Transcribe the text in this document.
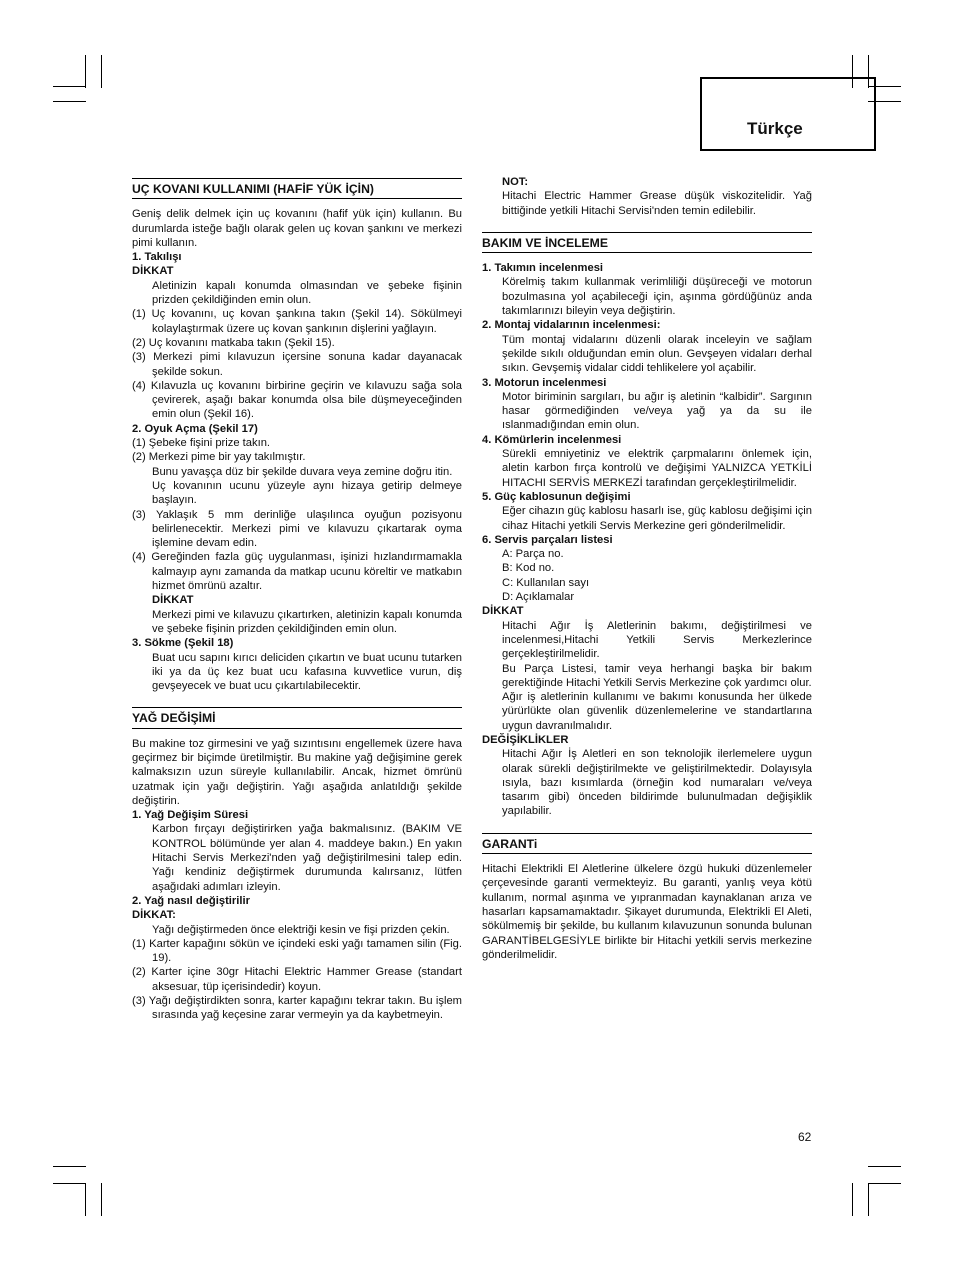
Türkçe
UÇ KOVANI KULLANIMI (HAFİF YÜK İÇİN)
Geniş delik delmek için uç kovanını (hafif yük için) kullanın. Bu durumlarda isteğe bağlı olarak gelen uç kovan şankını ve merkezi pimi kullanın.
1. Takılışı
DİKKAT
Aletinizin kapalı konumda olmasından ve şebeke fişinin prizden çekildiğinden emin olun.
(1) Uç kovanını, uç kovan şankına takın (Şekil 14). Sökülmeyi kolaylaştırmak üzere uç kovan şankının dişlerini yağlayın.
(2) Uç kovanını matkaba takın (Şekil 15).
(3) Merkezi pimi kılavuzun içersine sonuna kadar dayanacak şekilde sokun.
(4) Kılavuzla uç kovanını birbirine geçirin ve kılavuzu sağa sola çevirerek, aşağı bakar konumda olsa bile düşmeyeceğinden emin olun (Şekil 16).
2. Oyuk Açma (Şekil 17)
(1) Şebeke fişini prize takın.
(2) Merkezi pime bir yay takılmıştır.
Bunu yavaşça düz bir şekilde duvara veya zemine doğru itin.
Uç kovanının ucunu yüzeyle aynı hizaya getirip delmeye başlayın.
(3) Yaklaşık 5 mm derinliğe ulaşılınca oyuğun pozisyonu belirlenecektir. Merkezi pimi ve kılavuzu çıkartarak oyma işlemine devam edin.
(4) Gereğinden fazla güç uygulanması, işinizi hızlandırmamakla kalmayıp aynı zamanda da matkap ucunu köreltir ve matkabın hizmet ömrünü azaltır.
DİKKAT
Merkezi pimi ve kılavuzu çıkartırken, aletinizin kapalı konumda ve şebeke fişinin prizden çekildiğinden emin olun.
3. Sökme (Şekil 18)
Buat ucu sapını kırıcı deliciden çıkartın ve buat ucunu tutarken iki ya da üç kez buat ucu kafasına kuvvetlice vurun, diş gevşeyecek ve buat ucu çıkartılabilecektir.
YAĞ DEĞİŞİMİ
Bu makine toz girmesini ve yağ sızıntısını engellemek üzere hava geçirmez bir biçimde üretilmiştir. Bu makine yağ değişimine gerek kalmaksızın uzun süreyle kullanılabilir. Ancak, hizmet ömrünü uzatmak için yağı değiştirin. Yağı aşağıda anlatıldığı şekilde değiştirin.
1. Yağ Değişim Süresi
Karbon fırçayı değiştirirken yağa bakmalısınız. (BAKIM VE KONTROL bölümünde yer alan 4. maddeye bakın.) En yakın Hitachi Servis Merkezi'nden yağ değiştirilmesini talep edin. Yağı kendiniz değiştirmek durumunda kalırsanız, lütfen aşağıdaki adımları izleyin.
2. Yağ nasıl değiştirilir
DİKKAT:
Yağı değiştirmeden önce elektriği kesin ve fişi prizden çekin.
(1) Karter kapağını sökün ve içindeki eski yağı tamamen silin (Fig. 19).
(2) Karter içine 30gr Hitachi Elektric Hammer Grease (standart aksesuar, tüp içerisindedir) koyun.
(3) Yağı değiştirdikten sonra, karter kapağını tekrar takın. Bu işlem sırasında yağ keçesine zarar vermeyin ya da kaybetmeyin.
NOT:
Hitachi Electric Hammer Grease düşük viskozitelidir. Yağ bittiğinde yetkili Hitachi Servisi'nden temin edilebilir.
BAKIM VE İNCELEME
1. Takımın incelenmesi
Körelmiş takım kullanmak verimliliği düşüreceği ve motorun bozulmasına yol açabileceği için, aşınma gördüğünüz anda takımlarınızı bileyin veya değiştirin.
2. Montaj vidalarının incelenmesi:
Tüm montaj vidalarını düzenli olarak inceleyin ve sağlam şekilde sıkılı olduğundan emin olun. Gevşeyen vidaları derhal sıkın. Gevşemiş vidalar ciddi tehlikelere yol açabilir.
3. Motorun incelenmesi
Motor biriminin sargıları, bu ağır iş aletinin “kalbidir”. Sargının hasar görmediğinden ve/veya yağ ya da su ile ıslanmadığından emin olun.
4. Kömürlerin incelenmesi
Sürekli emniyetiniz ve elektrik çarpmalarını önlemek için, aletin karbon fırça kontrolü ve değişimi YALNIZCA YETKİLİ HITACHI SERVİS MERKEZİ tarafından gerçekleştirilmelidir.
5. Güç kablosunun değişimi
Eğer cihazın güç kablosu hasarlı ise, güç kablosu değişimi için cihaz Hitachi yetkili Servis Merkezine geri gönderilmelidir.
6. Servis parçaları listesi
A: Parça no.
B: Kod no.
C: Kullanılan sayı
D: Açıklamalar
DİKKAT
Hitachi Ağır İş Aletlerinin bakımı, değiştirilmesi ve incelenmesi,Hitachi Yetkili Servis Merkezlerince gerçekleştirilmelidir.
Bu Parça Listesi, tamir veya herhangi başka bir bakım gerektiğinde Hitachi Yetkili Servis Merkezine çok yardımcı olur.
Ağır iş aletlerinin kullanımı ve bakımı konusunda her ülkede yürürlükte olan güvenlik düzenlemelerine ve standartlarına uygun davranılmalıdır.
DEĞİŞİKLİKLER
Hitachi Ağır İş Aletleri en son teknolojik ilerlemelere uygun olarak sürekli değiştirilmekte ve geliştirilmektedir. Dolayısyla ısıyla, bazı kısımlarda (örneğin kod numaraları ve/veya tasarım gibi) önceden bildirimde bulunulmadan değişiklik yapılabilir.
GARANTi
Hitachi Elektrikli El Aletlerine ülkelere özgü hukuki düzenlemeler çerçevesinde garanti vermekteyiz. Bu garanti, yanlış veya kötü kullanım, normal aşınma ve yıpranmadan kaynaklanan arıza ve hasarları kapsamamaktadır. Şikayet durumunda, Elektrikli El Aleti, sökülmemiş bir şekilde, bu kullanım kılavuzunun sonunda bulunan GARANTİBELGESİYLE birlikte bir Hitachi yetkili servis merkezine gönderilmelidir.
62
